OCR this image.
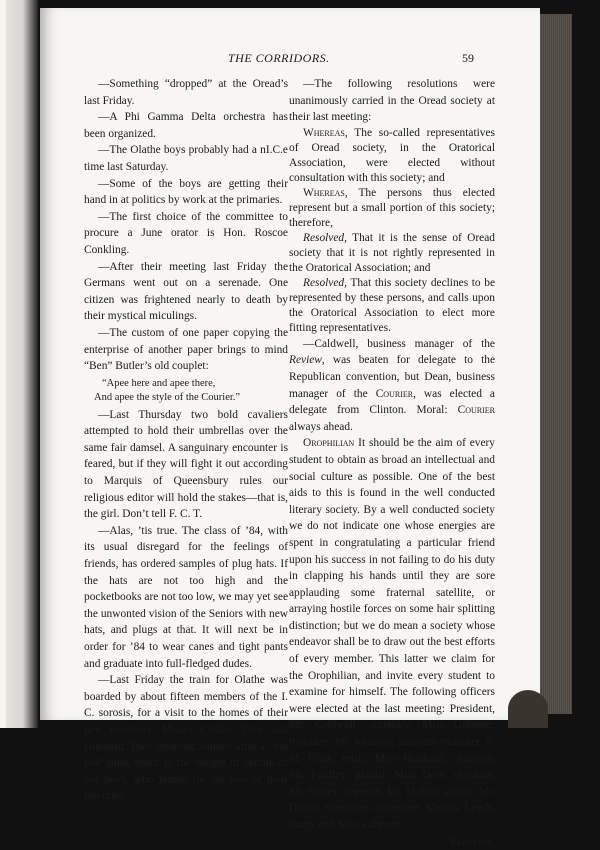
THE CORRIDORS.	59

—Something “dropped” at the Oread’s last Friday.

—A Phi Gamma Delta orchestra has been organized.

—The Olathe boys probably had a nI.C.e time last Saturday.

—Some of the boys are getting their hand in at politics by work at the primaries.

—The first choice of the committee to procure a June orator is Hon. Roscoe Conkling.

—After their meeting last Friday the Germans went out on a serenade. One citizen was frightened nearly to death by their mystical miculings.

—The custom of one paper copying the enterprise of another paper brings to mind “Ben” Butler’s old couplet:

“Apee here and apee there,
And apee the style of the Courier.”

—Last Thursday two bold cavaliers attempted to hold their umbrellas over the same fair damsel. A sanguinary encounter is feared, but if they will fight it out according to Marquis of Queensbury rules our religious editor will hold the stakes—that is, the girl. Don’t tell F. C. T.

—Alas, ’tis true. The class of ’84, with its usual disregard for the feelings of friends, has ordered samples of plug hats. If the hats are not too high and the pocketbooks are not too low, we may yet see the unwonted vision of the Seniors with new hats, and plugs at that. It will next be in order for ’84 to wear canes and tight pants and graduate into full-fledged dudes.

—Last Friday the train for Olathe was boarded by about fifteen members of the I. C. sorosis, for a visit to the homes of their new members, Misses Collins, Dow and Hubbard. They returned Sunday after a “too too” time, much to the delight of certain of our boys, who feared for the loss of their fair ones.

—The following resolutions were unanimously carried in the Oread society at their last meeting:

Whereas, The so-called representatives of Oread society, in the Oratorical Association, were elected without consultation with this society; and

Whereas, The persons thus elected represent but a small portion of this society; therefore,

Resolved, That it is the sense of Oread society that it is not rightly represented in the Oratorical Association; and

Resolved, That this society declines to be represented by these persons, and calls upon the Oratorical Association to elect more fitting representatives.

—Caldwell, business manager of the Review, was beaten for delegate to the Republican convention, but Dean, business manager of the Courier, was elected a delegate from Clinton. Moral: Courier always ahead.

Orophilian It should be the aim of every student to obtain as broad an intellectual and social culture as possible. One of the best aids to this is found in the well conducted literary society. By a well conducted society we do not indicate one whose energies are spent in congratulating a particular friend upon his success in not failing to do his duty in clapping his hands until they are sore applauding some fraternal satellite, or arraying hostile forces on some hair splitting distinction; but we do mean a society whose endeavor shall be to draw out the best efforts of every member. This latter we claim for the Orophilian, and invite every student to examine for himself. The following officers were elected at the last meeting: President, Mr. Caldwell; secretary, Miss Gilmore; treasurer, Mr. Johnson; assistant-treasurer, S. M. Cook; critic, Miss Hubbard; chorister, Mr. Findley; pianist, Miss Dow; chaplain, Mr. Orsley; reporter, Mr. Mahan; janitor, Mr. Doran; executive committee, Messrs. Leach, Curry and Miss Gilmore.

Reporter.
